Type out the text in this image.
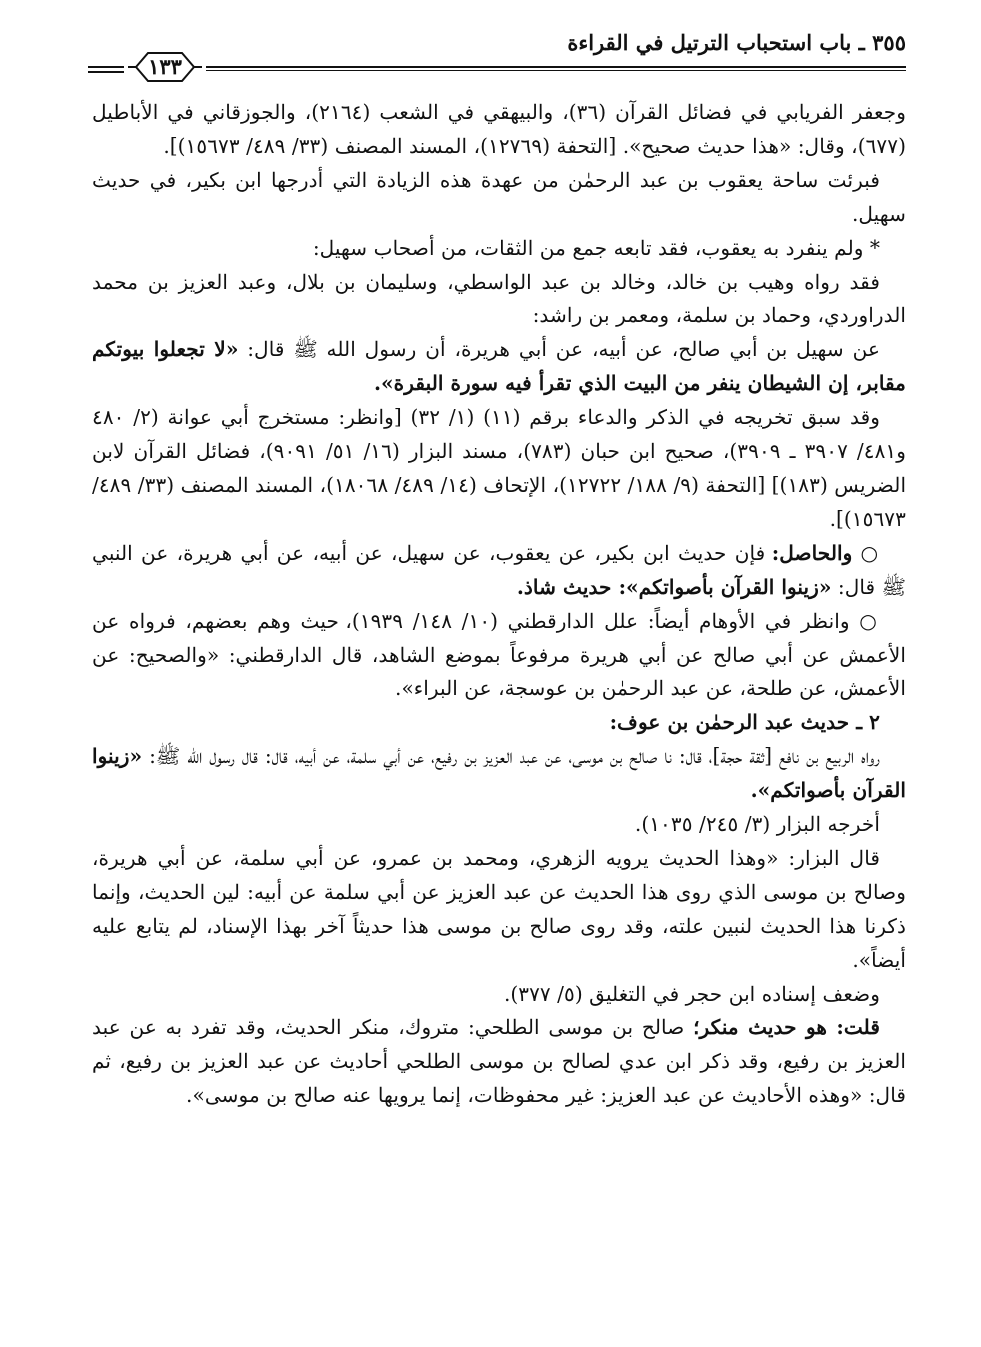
٣٥٥ ـ باب استحباب الترتيل في القراءة
١٣٣

وجعفر الفريابي في فضائل القرآن (٣٦)، والبيهقي في الشعب (٢١٦٤)، والجوزقاني في الأباطيل (٦٧٧)، وقال: «هذا حديث صحيح». [التحفة (١٢٧٦٩)، المسند المصنف (٣٣/ ٤٨٩/ ١٥٦٧٣)].

فبرئت ساحة يعقوب بن عبد الرحمٰن من عهدة هذه الزيادة التي أدرجها ابن بكير، في حديث سهيل.

* ولم ينفرد به يعقوب، فقد تابعه جمع من الثقات، من أصحاب سهيل:

فقد رواه وهيب بن خالد، وخالد بن عبد الواسطي، وسليمان بن بلال، وعبد العزيز بن محمد الدراوردي، وحماد بن سلمة، ومعمر بن راشد:

عن سهيل بن أبي صالح، عن أبيه، عن أبي هريرة، أن رسول الله ﷺ قال: «لا تجعلوا بيوتكم مقابر، إن الشيطان ينفر من البيت الذي تقرأ فيه سورة البقرة».

وقد سبق تخريجه في الذكر والدعاء برقم (١١) (١/ ٣٢) [وانظر: مستخرج أبي عوانة (٢/ ٤٨٠ و٤٨١/ ٣٩٠٧ ـ ٣٩٠٩)، صحيح ابن حبان (٧٨٣)، مسند البزار (١٦/ ٥١/ ٩٠٩١)، فضائل القرآن لابن الضريس (١٨٣)] [التحفة (٩/ ١٨٨/ ١٢٧٢٢)، الإتحاف (١٤/ ٤٨٩/ ١٨٠٦٨)، المسند المصنف (٣٣/ ٤٨٩/ ١٥٦٧٣)].

○ والحاصل: فإن حديث ابن بكير، عن يعقوب، عن سهيل، عن أبيه، عن أبي هريرة، عن النبي ﷺ قال: «زينوا القرآن بأصواتكم»: حديث شاذ.

○ وانظر في الأوهام أيضاً: علل الدارقطني (١٠/ ١٤٨/ ١٩٣٩)، حيث وهم بعضهم، فرواه عن الأعمش عن أبي صالح عن أبي هريرة مرفوعاً بموضع الشاهد، قال الدارقطني: «والصحيح: عن الأعمش، عن طلحة، عن عبد الرحمٰن بن عوسجة، عن البراء».

٢ ـ حديث عبد الرحمٰن بن عوف:

رواه الربيع بن نافع [ثقة حجة]، قال: نا صالح بن موسى، عن عبد العزيز بن رفيع، عن أبي سلمة، عن أبيه، قال: قال رسول الله ﷺ: «زينوا القرآن بأصواتكم».

أخرجه البزار (٣/ ٢٤٥/ ١٠٣٥).

قال البزار: «وهذا الحديث يرويه الزهري، ومحمد بن عمرو، عن أبي سلمة، عن أبي هريرة، وصالح بن موسى الذي روى هذا الحديث عن عبد العزيز عن أبي سلمة عن أبيه: لين الحديث، وإنما ذكرنا هذا الحديث لنبين علته، وقد روى صالح بن موسى هذا حديثاً آخر بهذا الإسناد، لم يتابع عليه أيضاً».

وضعف إسناده ابن حجر في التغليق (٥/ ٣٧٧).

قلت: هو حديث منكر؛ صالح بن موسى الطلحي: متروك، منكر الحديث، وقد تفرد به عن عبد العزيز بن رفيع، وقد ذكر ابن عدي لصالح بن موسى الطلحي أحاديث عن عبد العزيز بن رفيع، ثم قال: «وهذه الأحاديث عن عبد العزيز: غير محفوظات، إنما يرويها عنه صالح بن موسى».
